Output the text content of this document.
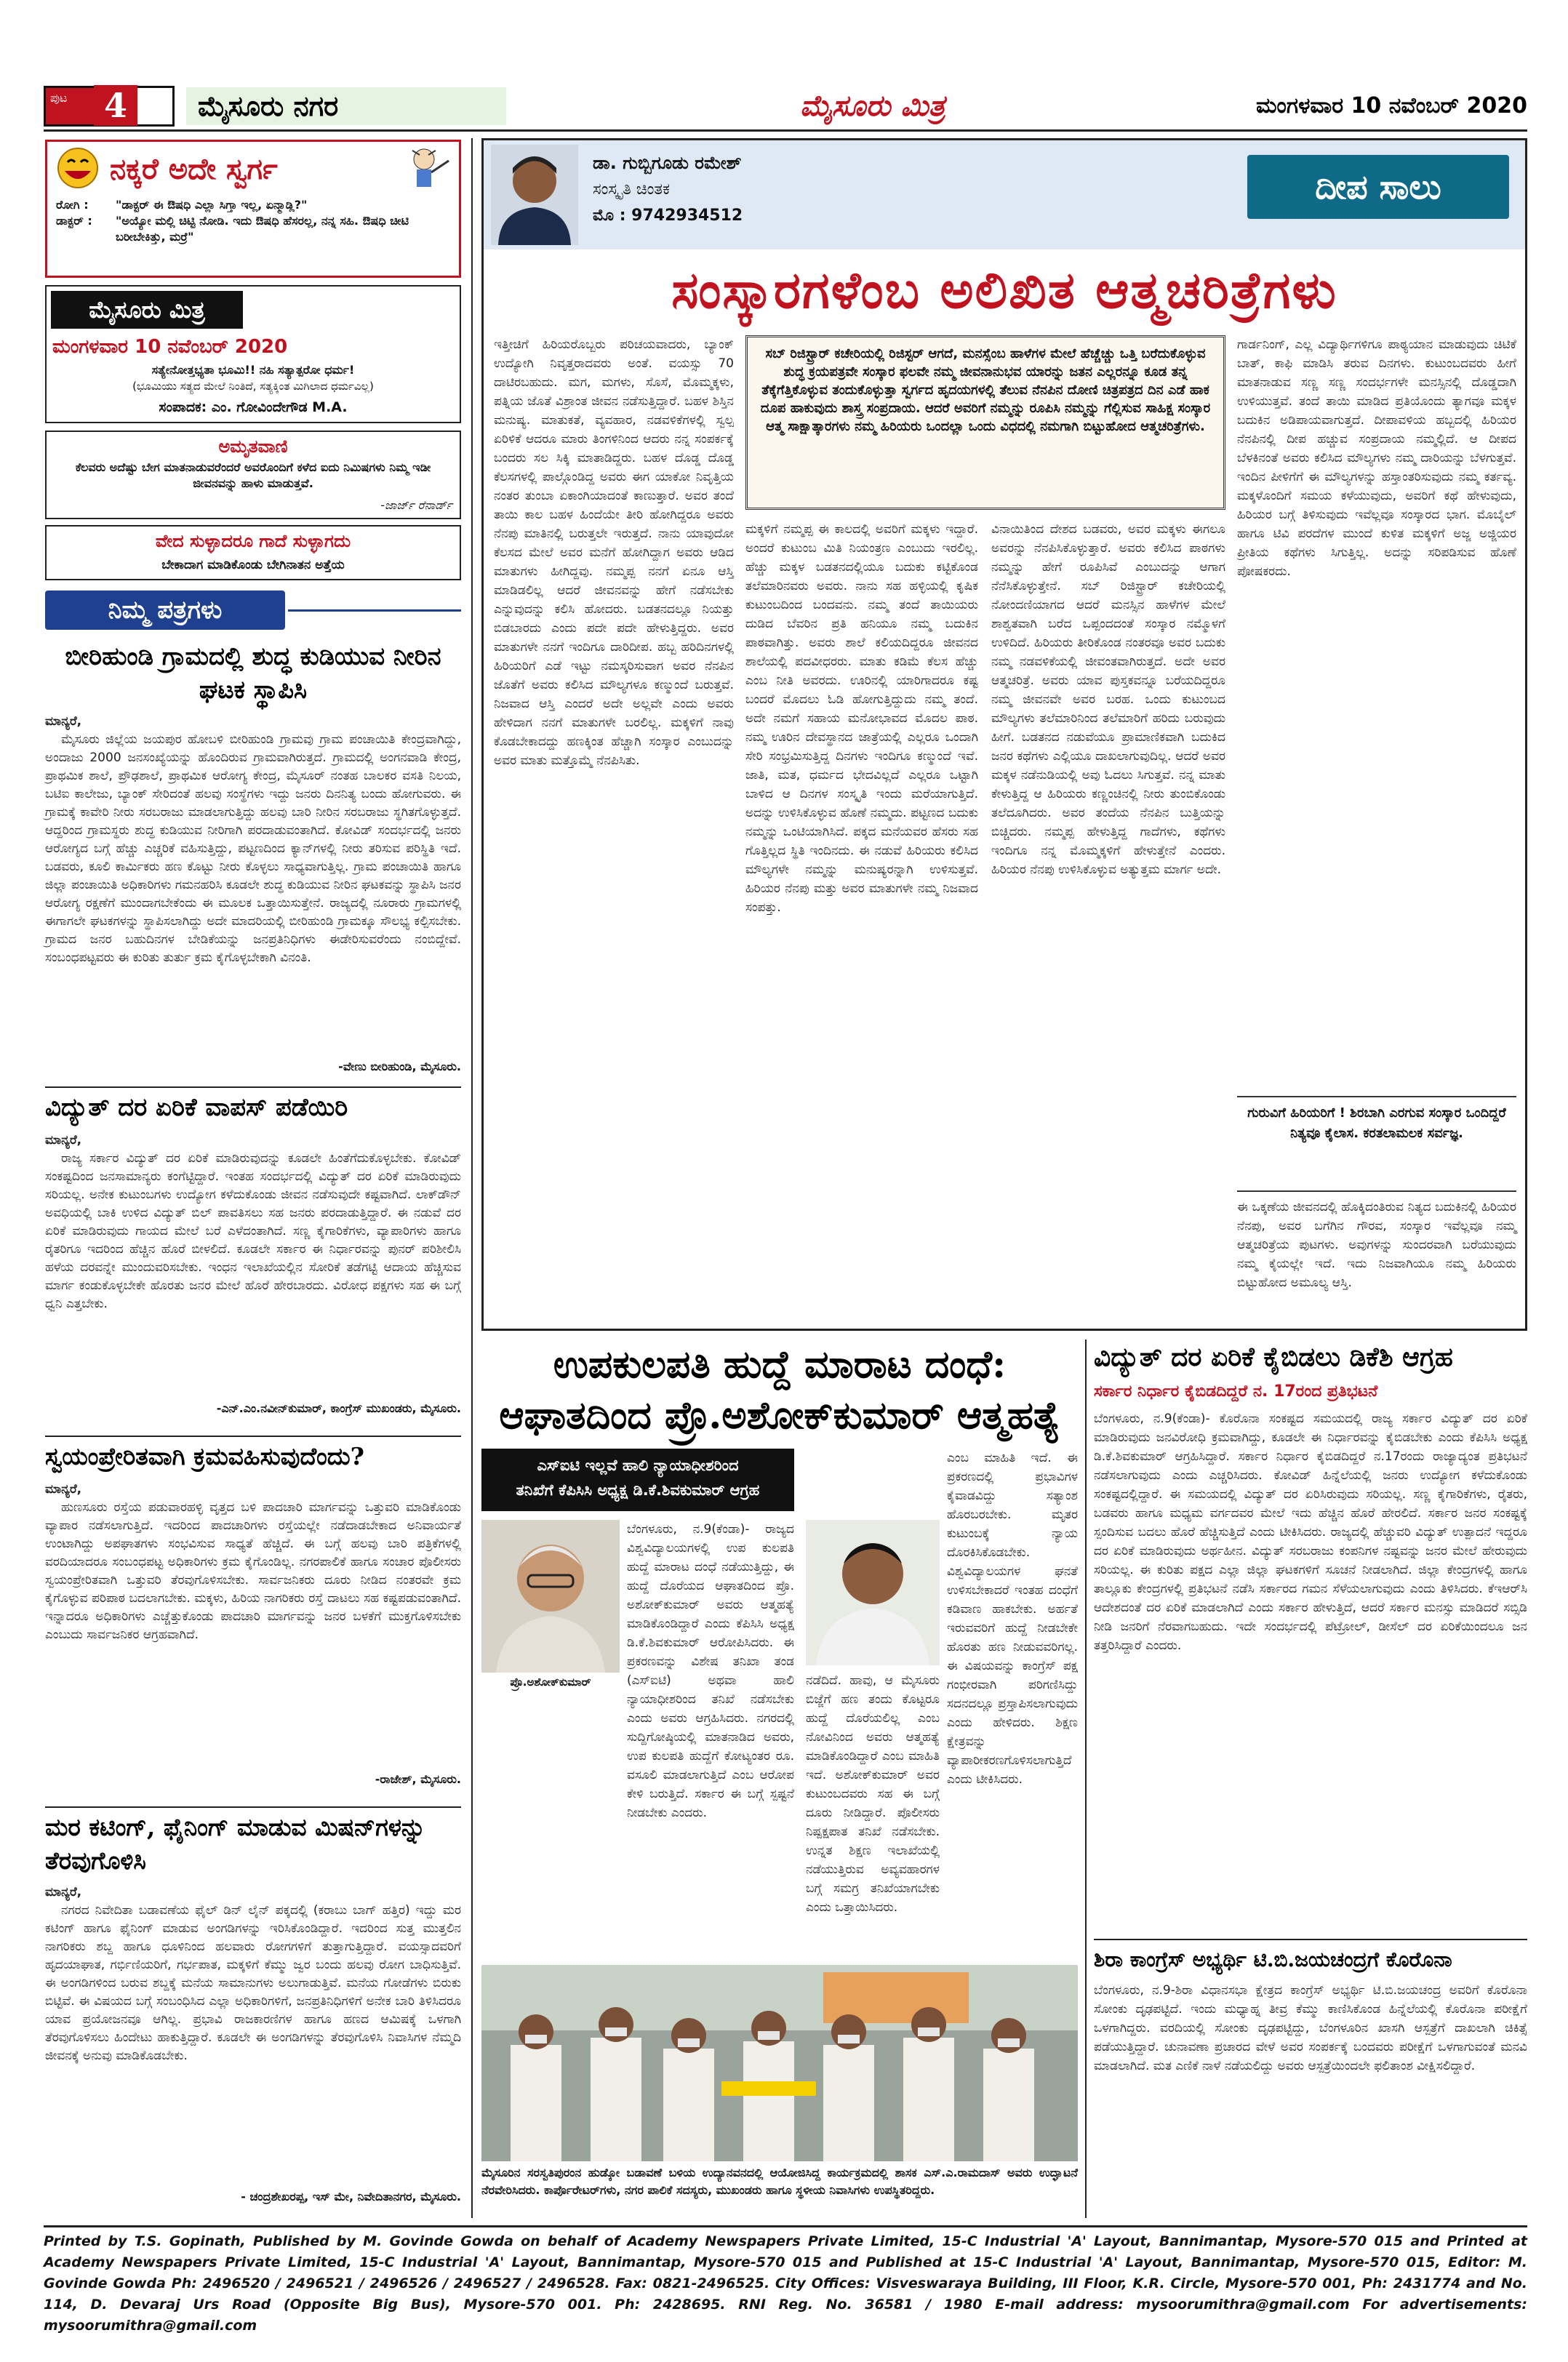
ಪುಟ	4	ಮೈಸೂರು ನಗರ	ಮೈಸೂರು ಮಿತ್ರ	ಮಂಗಳವಾರ 10 ನವೆಂಬರ್ 2020
ನಕ್ಕರೆ ಅದೇ ಸ್ವರ್ಗ
ರೋಗಿ :	"ಡಾಕ್ಟರ್ ಈ ಔಷಧಿ ಎಲ್ಲಾ ಸಿಗ್ತಾ ಇಲ್ಲ, ಏನ್ಮಾಡ್ಲಿ?"
ಡಾಕ್ಟರ್ :	"ಅಯ್ಯೋ ಮಲ್ಲಿ ಚಿಟ್ಟಿ ನೋಡಿ. ಇದು ಔಷಧಿ ಹೆಸರಲ್ಲ, ನನ್ನ ಸಹಿ. ಔಷಧಿ ಚೀಟಿ ಬರೀಬೇಕಿತ್ತು, ಮರ್ರೆ"
ಮೈಸೂರು ಮಿತ್ರ
ಮಂಗಳವಾರ 10 ನವೆಂಬರ್ 2020
ಸತ್ಯೇನೋತ್ತಭ್ಯತಾ ಭೂಮಿ!! ನಹಿ ಸತ್ಯಾತ್ಪರೋ ಧರ್ಮ!
(ಭೂಮಿಯು ಸತ್ಯದ ಮೇಲೆ ನಿಂತಿದೆ, ಸತ್ಯಕ್ಕಿಂತ ಮಿಗಿಲಾದ ಧರ್ಮವಿಲ್ಲ)
ಸಂಪಾದಕ: ಎಂ. ಗೋವಿಂದೇಗೌಡ M.A.
ಅಮೃತವಾಣಿ
ಕೆಲವರು ಅದೆಷ್ಟು ಬೇಗ ಮಾತನಾಡುವರೆಂದರೆ ಅವರೊಂದಿಗೆ ಕಳೆದ ಐದು ನಿಮಿಷಗಳು ನಿಮ್ಮ ಇಡೀ ಜೀವನವನ್ನು ಹಾಳು ಮಾಡುತ್ತವೆ.
-ಜಾರ್ಜ್ ರೆನಾರ್ಡ್
ವೇದ ಸುಳ್ಳಾದರೂ ಗಾದೆ ಸುಳ್ಳಾಗದು
ಬೇಕಾದಾಗ ಮಾಡಿಕೊಂಡು ಬೇಗಿನಾತನ ಅತ್ತೆಯ
ನಿಮ್ಮ ಪತ್ರಗಳು
ಬೀರಿಹುಂಡಿ ಗ್ರಾಮದಲ್ಲಿ ಶುದ್ಧ ಕುಡಿಯುವ ನೀರಿನ ಘಟಕ ಸ್ಥಾಪಿಸಿ
ಮಾನ್ಯರೆ,

ಮೈಸೂರು ಜಿಲ್ಲೆಯ ಜಯಪುರ ಹೋಬಳಿ ಬೀರಿಹುಂಡಿ ಗ್ರಾಮವು ಗ್ರಾಮ ಪಂಚಾಯಿತಿ ಕೇಂದ್ರವಾಗಿದ್ದು, ಅಂದಾಜು 2000 ಜನಸಂಖ್ಯೆಯನ್ನು ಹೊಂದಿರುವ ಗ್ರಾಮವಾಗಿರುತ್ತದೆ. ಗ್ರಾಮದಲ್ಲಿ ಅಂಗನವಾಡಿ ಕೇಂದ್ರ, ಪ್ರಾಥಮಿಕ ಶಾಲೆ, ಪ್ರೌಢಶಾಲೆ, ಪ್ರಾಥಮಿಕ ಆರೋಗ್ಯ ಕೇಂದ್ರ, ಮೈಸೂರ್ ನಂತಹ ಬಾಲಕರ ವಸತಿ ನಿಲಯ, ಬಟಿಐ ಕಾಲೇಜು, ಬ್ಯಾಂಕ್ ಸೇರಿದಂತೆ ಹಲವು ಸಂಸ್ಥೆಗಳು ಇದ್ದು ಜನರು ದಿನನಿತ್ಯ ಬಂದು ಹೋಗುವರು. ಈ ಗ್ರಾಮಕ್ಕೆ ಕಾವೇರಿ ನೀರು ಸರಬರಾಜು ಮಾಡಲಾಗುತ್ತಿದ್ದು ಹಲವು ಬಾರಿ ನೀರಿನ ಸರಬರಾಜು ಸ್ಥಗಿತಗೊಳ್ಳುತ್ತದೆ. ಆದ್ದರಿಂದ ಗ್ರಾಮಸ್ಥರು ಶುದ್ಧ ಕುಡಿಯುವ ನೀರಿಗಾಗಿ ಪರದಾಡುವಂತಾಗಿದೆ. ಕೋವಿಡ್ ಸಂದರ್ಭದಲ್ಲಿ ಜನರು ಆರೋಗ್ಯದ ಬಗ್ಗೆ ಹೆಚ್ಚು ಎಚ್ಚರಿಕೆ ವಹಿಸುತ್ತಿದ್ದು, ಪಟ್ಟಣದಿಂದ ಕ್ಯಾನ್‌ಗಳಲ್ಲಿ ನೀರು ತರಿಸುವ ಪರಿಸ್ಥಿತಿ ಇದೆ. ಬಡವರು, ಕೂಲಿ ಕಾರ್ಮಿಕರು ಹಣ ಕೊಟ್ಟು ನೀರು ಕೊಳ್ಳಲು ಸಾಧ್ಯವಾಗುತ್ತಿಲ್ಲ. ಗ್ರಾಮ ಪಂಚಾಯಿತಿ ಹಾಗೂ ಜಿಲ್ಲಾ ಪಂಚಾಯಿತಿ ಅಧಿಕಾರಿಗಳು ಗಮನಹರಿಸಿ ಕೂಡಲೇ ಶುದ್ಧ ಕುಡಿಯುವ ನೀರಿನ ಘಟಕವನ್ನು ಸ್ಥಾಪಿಸಿ ಜನರ ಆರೋಗ್ಯ ರಕ್ಷಣೆಗೆ ಮುಂದಾಗಬೇಕೆಂದು ಈ ಮೂಲಕ ಒತ್ತಾಯಿಸುತ್ತೇನೆ. ರಾಜ್ಯದಲ್ಲಿ ನೂರಾರು ಗ್ರಾಮಗಳಲ್ಲಿ ಈಗಾಗಲೇ ಘಟಕಗಳನ್ನು ಸ್ಥಾಪಿಸಲಾಗಿದ್ದು ಅದೇ ಮಾದರಿಯಲ್ಲಿ ಬೀರಿಹುಂಡಿ ಗ್ರಾಮಕ್ಕೂ ಸೌಲಭ್ಯ ಕಲ್ಪಿಸಬೇಕು. ಗ್ರಾಮದ ಜನರ ಬಹುದಿನಗಳ ಬೇಡಿಕೆಯನ್ನು ಜನಪ್ರತಿನಿಧಿಗಳು ಈಡೇರಿಸುವರೆಂದು ನಂಬಿದ್ದೇವೆ. ಸಂಬಂಧಪಟ್ಟವರು ಈ ಕುರಿತು ತುರ್ತು ಕ್ರಮ ಕೈಗೊಳ್ಳಬೇಕಾಗಿ ವಿನಂತಿ.

-ವೇಣು ಬೀರಿಹುಂಡಿ, ಮೈಸೂರು.
ವಿದ್ಯುತ್ ದರ ಏರಿಕೆ ವಾಪಸ್ ಪಡೆಯಿರಿ
ಮಾನ್ಯರೆ,

ರಾಜ್ಯ ಸರ್ಕಾರ ವಿದ್ಯುತ್ ದರ ಏರಿಕೆ ಮಾಡಿರುವುದನ್ನು ಕೂಡಲೇ ಹಿಂತೆಗೆದುಕೊಳ್ಳಬೇಕು. ಕೋವಿಡ್ ಸಂಕಷ್ಟದಿಂದ ಜನಸಾಮಾನ್ಯರು ಕಂಗೆಟ್ಟಿದ್ದಾರೆ. ಇಂತಹ ಸಂದರ್ಭದಲ್ಲಿ ವಿದ್ಯುತ್ ದರ ಏರಿಕೆ ಮಾಡಿರುವುದು ಸರಿಯಲ್ಲ. ಅನೇಕ ಕುಟುಂಬಗಳು ಉದ್ಯೋಗ ಕಳೆದುಕೊಂಡು ಜೀವನ ನಡೆಸುವುದೇ ಕಷ್ಟವಾಗಿದೆ. ಲಾಕ್‌ಡೌನ್ ಅವಧಿಯಲ್ಲಿ ಬಾಕಿ ಉಳಿದ ವಿದ್ಯುತ್ ಬಿಲ್ ಪಾವತಿಸಲು ಸಹ ಜನರು ಪರದಾಡುತ್ತಿದ್ದಾರೆ. ಈ ನಡುವೆ ದರ ಏರಿಕೆ ಮಾಡಿರುವುದು ಗಾಯದ ಮೇಲೆ ಬರೆ ಎಳೆದಂತಾಗಿದೆ. ಸಣ್ಣ ಕೈಗಾರಿಕೆಗಳು, ವ್ಯಾಪಾರಿಗಳು ಹಾಗೂ ರೈತರಿಗೂ ಇದರಿಂದ ಹೆಚ್ಚಿನ ಹೊರೆ ಬೀಳಲಿದೆ. ಕೂಡಲೇ ಸರ್ಕಾರ ಈ ನಿರ್ಧಾರವನ್ನು ಪುನರ್ ಪರಿಶೀಲಿಸಿ ಹಳೆಯ ದರವನ್ನೇ ಮುಂದುವರಿಸಬೇಕು. ಇಂಧನ ಇಲಾಖೆಯಲ್ಲಿನ ಸೋರಿಕೆ ತಡೆಗಟ್ಟಿ ಆದಾಯ ಹೆಚ್ಚಿಸುವ ಮಾರ್ಗ ಕಂಡುಕೊಳ್ಳಬೇಕೇ ಹೊರತು ಜನರ ಮೇಲೆ ಹೊರೆ ಹೇರಬಾರದು. ವಿರೋಧ ಪಕ್ಷಗಳು ಸಹ ಈ ಬಗ್ಗೆ ಧ್ವನಿ ಎತ್ತಬೇಕು.

-ಎನ್.ಎಂ.ನವೀನ್‌ಕುಮಾರ್, ಕಾಂಗ್ರೆಸ್ ಮುಖಂಡರು, ಮೈಸೂರು.
ಸ್ವಯಂಪ್ರೇರಿತವಾಗಿ ಕ್ರಮವಹಿಸುವುದೆಂದು?
ಮಾನ್ಯರೆ,

ಹುಣಸೂರು ರಸ್ತೆಯ ಪಡುವಾರಹಳ್ಳಿ ವೃತ್ತದ ಬಳಿ ಪಾದಚಾರಿ ಮಾರ್ಗವನ್ನು ಒತ್ತುವರಿ ಮಾಡಿಕೊಂಡು ವ್ಯಾಪಾರ ನಡೆಸಲಾಗುತ್ತಿದೆ. ಇದರಿಂದ ಪಾದಚಾರಿಗಳು ರಸ್ತೆಯಲ್ಲೇ ನಡೆದಾಡಬೇಕಾದ ಅನಿವಾರ್ಯತೆ ಉಂಟಾಗಿದ್ದು ಅಪಘಾತಗಳು ಸಂಭವಿಸುವ ಸಾಧ್ಯತೆ ಹೆಚ್ಚಿದೆ. ಈ ಬಗ್ಗೆ ಹಲವು ಬಾರಿ ಪತ್ರಿಕೆಗಳಲ್ಲಿ ವರದಿಯಾದರೂ ಸಂಬಂಧಪಟ್ಟ ಅಧಿಕಾರಿಗಳು ಕ್ರಮ ಕೈಗೊಂಡಿಲ್ಲ. ನಗರಪಾಲಿಕೆ ಹಾಗೂ ಸಂಚಾರ ಪೊಲೀಸರು ಸ್ವಯಂಪ್ರೇರಿತವಾಗಿ ಒತ್ತುವರಿ ತೆರವುಗೊಳಿಸಬೇಕು. ಸಾರ್ವಜನಿಕರು ದೂರು ನೀಡಿದ ನಂತರವೇ ಕ್ರಮ ಕೈಗೊಳ್ಳುವ ಪರಿಪಾಠ ಬದಲಾಗಬೇಕು. ಮಕ್ಕಳು, ಹಿರಿಯ ನಾಗರಿಕರು ರಸ್ತೆ ದಾಟಲು ಸಹ ಕಷ್ಟಪಡುವಂತಾಗಿದೆ. ಇನ್ನಾದರೂ ಅಧಿಕಾರಿಗಳು ಎಚ್ಚೆತ್ತುಕೊಂಡು ಪಾದಚಾರಿ ಮಾರ್ಗವನ್ನು ಜನರ ಬಳಕೆಗೆ ಮುಕ್ತಗೊಳಿಸಬೇಕು ಎಂಬುದು ಸಾರ್ವಜನಿಕರ ಆಗ್ರಹವಾಗಿದೆ.

-ರಾಜೇಶ್, ಮೈಸೂರು.
ಮರ ಕಟಿಂಗ್, ಫೈನಿಂಗ್ ಮಾಡುವ ಮಿಷನ್‌ಗಳನ್ನು ತೆರವುಗೊಳಿಸಿ
ಮಾನ್ಯರೆ,

ನಗರದ ನಿವೇದಿತಾ ಬಡಾವಣೆಯ ಫೈಲ್ ಡಿನ್ ಲೈನ್ ಪಕ್ಕದಲ್ಲಿ (ಕರಾಬು ಬಾಗ್ ಹತ್ತಿರ) ಇದ್ದು ಮರ ಕಟಿಂಗ್ ಹಾಗೂ ಫೈನಿಂಗ್ ಮಾಡುವ ಅಂಗಡಿಗಳನ್ನು ಇರಿಸಿಕೊಂಡಿದ್ದಾರೆ. ಇದರಿಂದ ಸುತ್ತ ಮುತ್ತಲಿನ ನಾಗರಿಕರು ಶಬ್ದ ಹಾಗೂ ಧೂಳಿನಿಂದ ಹಲವಾರು ರೋಗಗಳಿಗೆ ತುತ್ತಾಗುತ್ತಿದ್ದಾರೆ. ವಯಸ್ಸಾದವರಿಗೆ ಹೃದಯಾಘಾತ, ಗರ್ಭಿಣಿಯರಿಗೆ, ಗರ್ಭಪಾತ, ಮಕ್ಕಳಿಗೆ ಕೆಮ್ಮು ಜ್ವರ ಬಂದು ಹಲವು ರೋಗ ಬಾಧಿಸುತ್ತಿವೆ. ಈ ಅಂಗಡಿಗಳಿಂದ ಬರುವ ಶಬ್ದಕ್ಕೆ ಮನೆಯ ಸಾಮಾನುಗಳು ಅಲುಗಾಡುತ್ತಿವೆ. ಮನೆಯ ಗೋಡೆಗಳು ಬಿರುಕು ಬಿಟ್ಟಿವೆ. ಈ ವಿಷಯದ ಬಗ್ಗೆ ಸಂಬಂಧಿಸಿದ ಎಲ್ಲಾ ಅಧಿಕಾರಿಗಳಿಗೆ, ಜನಪ್ರತಿನಿಧಿಗಳಿಗೆ ಅನೇಕ ಬಾರಿ ತಿಳಿಸಿದರೂ ಯಾವ ಪ್ರಯೋಜನವೂ ಆಗಿಲ್ಲ. ಪ್ರಭಾವಿ ರಾಜಕಾರಣಿಗಳ ಹಾಗೂ ಹಣದ ಆಮಿಷಕ್ಕೆ ಒಳಗಾಗಿ ತೆರವುಗೊಳಿಸಲು ಹಿಂದೇಟು ಹಾಕುತ್ತಿದ್ದಾರೆ. ಕೂಡಲೇ ಈ ಅಂಗಡಿಗಳನ್ನು ತೆರವುಗೊಳಿಸಿ ನಿವಾಸಿಗಳ ನೆಮ್ಮದಿ ಜೀವನಕ್ಕೆ ಅನುವು ಮಾಡಿಕೊಡಬೇಕು.

- ಚಂದ್ರಶೇಖರಪ್ಪ, ಇಸ್ ಮೇ, ನಿವೇದಿತಾನಗರ, ಮೈಸೂರು.
ಡಾ. ಗುಬ್ಬಿಗೂಡು ರಮೇಶ್
ಸಂಸ್ಕೃತಿ ಚಿಂತಕ
ಮೊ : 9742934512
ದೀಪ ಸಾಲು
ಸಂಸ್ಕಾರಗಳೆಂಬ ಅಲಿಖಿತ ಆತ್ಮಚರಿತ್ರೆಗಳು
ಇತ್ತೀಚಿಗೆ ಹಿರಿಯರೊಬ್ಬರು ಪರಿಚಯವಾದರು, ಬ್ಯಾಂಕ್ ಉದ್ಯೋಗಿ ನಿವೃತ್ತರಾದವರು ಅಂತೆ. ವಯಸ್ಸು 70 ದಾಟಿರಬಹುದು. ಮಗ, ಮಗಳು, ಸೊಸೆ, ಮೊಮ್ಮಕ್ಕಳು, ಪತ್ನಿಯ ಜೊತೆ ವಿಶ್ರಾಂತ ಜೀವನ ನಡೆಸುತ್ತಿದ್ದಾರೆ. ಬಹಳ ಶಿಸ್ತಿನ ಮನುಷ್ಯ. ಮಾತುಕತೆ, ವ್ಯವಹಾರ, ನಡವಳಿಕೆಗಳಲ್ಲಿ ಸ್ವಲ್ಪ ಏರಿಳಿಕೆ ಆದರೂ ಮಾರು ತಿಂಗಳಿನಿಂದ ಆದರು ನನ್ನ ಸಂಪರ್ಕಕ್ಕೆ ಬಂದರು ಸಲ ಸಿಕ್ಕಿ ಮಾತಾಡಿದ್ದರು. ಬಹಳ ದೊಡ್ಡ ದೊಡ್ಡ ಕೆಲಸಗಳಲ್ಲಿ ಪಾಲ್ಗೊಂಡಿದ್ದ ಅವರು ಈಗ ಯಾಕೋ ನಿವೃತ್ತಿಯ ನಂತರ ತುಂಬಾ ಏಕಾಂಗಿಯಾದಂತೆ ಕಾಣುತ್ತಾರೆ. ಅವರ ತಂದೆ ತಾಯಿ ಕಾಲ ಬಹಳ ಹಿಂದೆಯೇ ತೀರಿ ಹೋಗಿದ್ದರೂ ಅವರು ನೆನಪು ಮಾತಿನಲ್ಲಿ ಬರುತ್ತಲೇ ಇರುತ್ತದೆ. ನಾನು ಯಾವುದೋ ಕೆಲಸದ ಮೇಲೆ ಅವರ ಮನೆಗೆ ಹೋಗಿದ್ದಾಗ ಅವರು ಆಡಿದ ಮಾತುಗಳು ಹೀಗಿದ್ದವು. ನಮ್ಮಪ್ಪ ನನಗೆ ಏನೂ ಆಸ್ತಿ ಮಾಡಿಡಲಿಲ್ಲ ಆದರೆ ಜೀವನವನ್ನು ಹೇಗೆ ನಡೆಸಬೇಕು ಎನ್ನುವುದನ್ನು ಕಲಿಸಿ ಹೋದರು. ಬಡತನದಲ್ಲೂ ನಿಯತ್ತು ಬಿಡಬಾರದು ಎಂದು ಪದೇ ಪದೇ ಹೇಳುತ್ತಿದ್ದರು. ಅವರ ಮಾತುಗಳೇ ನನಗೆ ಇಂದಿಗೂ ದಾರಿದೀಪ. ಹಬ್ಬ ಹರಿದಿನಗಳಲ್ಲಿ ಹಿರಿಯರಿಗೆ ಎಡೆ ಇಟ್ಟು ನಮಸ್ಕರಿಸುವಾಗ ಅವರ ನೆನಪಿನ ಜೊತೆಗೆ ಅವರು ಕಲಿಸಿದ ಮೌಲ್ಯಗಳೂ ಕಣ್ಮುಂದೆ ಬರುತ್ತವೆ. ನಿಜವಾದ ಆಸ್ತಿ ಎಂದರೆ ಅದೇ ಅಲ್ಲವೇ ಎಂದು ಅವರು ಹೇಳಿದಾಗ ನನಗೆ ಮಾತುಗಳೇ ಬರಲಿಲ್ಲ. ಮಕ್ಕಳಿಗೆ ನಾವು ಕೊಡಬೇಕಾದದ್ದು ಹಣಕ್ಕಿಂತ ಹೆಚ್ಚಾಗಿ ಸಂಸ್ಕಾರ ಎಂಬುದನ್ನು ಅವರ ಮಾತು ಮತ್ತೊಮ್ಮೆ ನೆನಪಿಸಿತು.
ಸಬ್ ರಿಜಿಸ್ಟ್ರಾರ್ ಕಚೇರಿಯಲ್ಲಿ ರಿಜಿಸ್ಟರ್ ಆಗದೆ, ಮನಸ್ಸೆಂಬ ಹಾಳೆಗಳ ಮೇಲೆ ಹೆಚ್ಚೆಚ್ಚು ಒತ್ತಿ ಬರೆದುಕೊಳ್ಳುವ ಶುದ್ಧ ಕ್ರಯಪತ್ರವೇ ಸಂಸ್ಕಾರ ಫಲವೇ ನಮ್ಮ ಜೀವನಾನುಭವ ಯಾರನ್ನು ಜತನ ಎಲ್ಲರನ್ನೂ ಕೂಡ ತನ್ನ ತೆಕ್ಕೆಗೆತ್ತಿಕೊಳ್ಳುವ ತಂದುಕೊಳ್ಳುತ್ತಾ ಸ್ವರ್ಗದ ಹೃದಯಗಳಲ್ಲಿ ತೆಲುವ ನೆನಪಿನ ದೋಣಿ ಚಿತ್ರಪತ್ರದ ದಿನ ಎಡೆ ಹಾಕ ದೂಪ ಹಾಕುವುದು ಶಾಸ್ತ್ರ ಸಂಪ್ರದಾಯ. ಆದರೆ ಅವರಿಗೆ ನಮ್ಮನ್ನು ರೂಪಿಸಿ ನಮ್ಮನ್ನು ಗೆಲ್ಲಿಸುವ ಸಾಹಿಕ್ಷ ಸಂಸ್ಕಾರ ಆತ್ಮ ಸಾಕ್ಷಾತ್ಕಾರಗಳು ನಮ್ಮ ಹಿರಿಯರು ಒಂದಲ್ಲಾ ಒಂದು ವಿಧದಲ್ಲಿ ನಮಗಾಗಿ ಬಿಟ್ಟುಹೋದ ಆತ್ಮಚರಿತ್ರೆಗಳು.
ಮಕ್ಕಳಿಗೆ ನಮ್ಮಪ್ಪ ಈ ಕಾಲದಲ್ಲಿ ಅವರಿಗೆ ಮಕ್ಕಳು ಇದ್ದಾರೆ. ಅಂದರೆ ಕುಟುಂಬ ಮಿತಿ ನಿಯಂತ್ರಣ ಎಂಬುದು ಇರಲಿಲ್ಲ. ಹೆಚ್ಚು ಮಕ್ಕಳ ಬಡತನದಲ್ಲಿಯೂ ಬದುಕು ಕಟ್ಟಿಕೊಂಡ ತಲೆಮಾರಿನವರು ಅವರು. ನಾನು ಸಹ ಹಳ್ಳಿಯಲ್ಲಿ ಕೃಷಿಕ ಕುಟುಂಬದಿಂದ ಬಂದವನು. ನಮ್ಮ ತಂದೆ ತಾಯಿಯರು ದುಡಿದ ಬೆವರಿನ ಪ್ರತಿ ಹನಿಯೂ ನಮ್ಮ ಬದುಕಿನ ಪಾಠವಾಗಿತ್ತು. ಅವರು ಶಾಲೆ ಕಲಿಯದಿದ್ದರೂ ಜೀವನದ ಶಾಲೆಯಲ್ಲಿ ಪದವೀಧರರು. ಮಾತು ಕಡಿಮೆ ಕೆಲಸ ಹೆಚ್ಚು ಎಂಬ ನೀತಿ ಅವರದು. ಊರಿನಲ್ಲಿ ಯಾರಿಗಾದರೂ ಕಷ್ಟ ಬಂದರೆ ಮೊದಲು ಓಡಿ ಹೋಗುತ್ತಿದ್ದುದು ನಮ್ಮ ತಂದೆ. ಅದೇ ನಮಗೆ ಸಹಾಯ ಮನೋಭಾವದ ಮೊದಲ ಪಾಠ. ನಮ್ಮ ಊರಿನ ದೇವಸ್ಥಾನದ ಜಾತ್ರೆಯಲ್ಲಿ ಎಲ್ಲರೂ ಒಂದಾಗಿ ಸೇರಿ ಸಂಭ್ರಮಿಸುತ್ತಿದ್ದ ದಿನಗಳು ಇಂದಿಗೂ ಕಣ್ಮುಂದೆ ಇವೆ. ಜಾತಿ, ಮತ, ಧರ್ಮದ ಭೇದವಿಲ್ಲದೆ ಎಲ್ಲರೂ ಒಟ್ಟಾಗಿ ಬಾಳಿದ ಆ ದಿನಗಳ ಸಂಸ್ಕೃತಿ ಇಂದು ಮರೆಯಾಗುತ್ತಿದೆ. ಅದನ್ನು ಉಳಿಸಿಕೊಳ್ಳುವ ಹೊಣೆ ನಮ್ಮದು. ಪಟ್ಟಣದ ಬದುಕು ನಮ್ಮನ್ನು ಒಂಟಿಯಾಗಿಸಿದೆ. ಪಕ್ಕದ ಮನೆಯವರ ಹೆಸರು ಸಹ ಗೊತ್ತಿಲ್ಲದ ಸ್ಥಿತಿ ಇಂದಿನದು. ಈ ನಡುವೆ ಹಿರಿಯರು ಕಲಿಸಿದ ಮೌಲ್ಯಗಳೇ ನಮ್ಮನ್ನು ಮನುಷ್ಯರನ್ನಾಗಿ ಉಳಿಸುತ್ತವೆ. ಹಿರಿಯರ ನೆನಪು ಮತ್ತು ಅವರ ಮಾತುಗಳೇ ನಮ್ಮ ನಿಜವಾದ ಸಂಪತ್ತು.
ವಿನಾಯಿತಿಂದ ದೇಶದ ಬಡವರು, ಅವರ ಮಕ್ಕಳು ಈಗಲೂ ಅವರನ್ನು ನೆನಪಿಸಿಕೊಳ್ಳುತ್ತಾರೆ. ಅವರು ಕಲಿಸಿದ ಪಾಠಗಳು ನಮ್ಮನ್ನು ಹೇಗೆ ರೂಪಿಸಿವೆ ಎಂಬುದನ್ನು ಆಗಾಗ ನೆನೆಸಿಕೊಳ್ಳುತ್ತೇನೆ. ಸಬ್ ರಿಜಿಸ್ಟ್ರಾರ್ ಕಚೇರಿಯಲ್ಲಿ ನೋಂದಣಿಯಾಗದ ಆದರೆ ಮನಸ್ಸಿನ ಹಾಳೆಗಳ ಮೇಲೆ ಶಾಶ್ವತವಾಗಿ ಬರೆದ ಒಪ್ಪಂದದಂತೆ ಸಂಸ್ಕಾರ ನಮ್ಮೊಳಗೆ ಉಳಿದಿದೆ. ಹಿರಿಯರು ತೀರಿಕೊಂಡ ನಂತರವೂ ಅವರ ಬದುಕು ನಮ್ಮ ನಡವಳಿಕೆಯಲ್ಲಿ ಜೀವಂತವಾಗಿರುತ್ತದೆ. ಅದೇ ಅವರ ಆತ್ಮಚರಿತ್ರೆ. ಅವರು ಯಾವ ಪುಸ್ತಕವನ್ನೂ ಬರೆಯದಿದ್ದರೂ ನಮ್ಮ ಜೀವನವೇ ಅವರ ಬರಹ. ಒಂದು ಕುಟುಂಬದ ಮೌಲ್ಯಗಳು ತಲೆಮಾರಿನಿಂದ ತಲೆಮಾರಿಗೆ ಹರಿದು ಬರುವುದು ಹೀಗೆ. ಬಡತನದ ನಡುವೆಯೂ ಪ್ರಾಮಾಣಿಕವಾಗಿ ಬದುಕಿದ ಜನರ ಕಥೆಗಳು ಎಲ್ಲಿಯೂ ದಾಖಲಾಗುವುದಿಲ್ಲ. ಆದರೆ ಅವರ ಮಕ್ಕಳ ನಡೆನುಡಿಯಲ್ಲಿ ಅವು ಓದಲು ಸಿಗುತ್ತವೆ. ನನ್ನ ಮಾತು ಕೇಳುತ್ತಿದ್ದ ಆ ಹಿರಿಯರು ಕಣ್ಣಂಚಿನಲ್ಲಿ ನೀರು ತುಂಬಿಕೊಂಡು ತಲೆದೂಗಿದರು. ಅವರ ತಂದೆಯ ನೆನಪಿನ ಬುತ್ತಿಯನ್ನು ಬಿಚ್ಚಿದರು. ನಮ್ಮಪ್ಪ ಹೇಳುತ್ತಿದ್ದ ಗಾದೆಗಳು, ಕಥೆಗಳು ಇಂದಿಗೂ ನನ್ನ ಮೊಮ್ಮಕ್ಕಳಿಗೆ ಹೇಳುತ್ತೇನೆ ಎಂದರು. ಹಿರಿಯರ ನೆನಪು ಉಳಿಸಿಕೊಳ್ಳುವ ಅತ್ಯುತ್ತಮ ಮಾರ್ಗ ಅದೇ.
ಗಾರ್ಡನಿಂಗ್, ಎಲ್ಲ ವಿದ್ಯಾರ್ಥಿಗಳಿಗೂ ಪಾಠ್ಯಯಾನ ಮಾಡುವುದು ಚಿಟಿಕೆ ಬಾತ್, ಕಾಫಿ ಮಾಡಿಸಿ ತರುವ ದಿನಗಳು. ಕುಟುಂಬದವರು ಹೀಗೆ ಮಾತನಾಡುವ ಸಣ್ಣ ಸಣ್ಣ ಸಂದರ್ಭಗಳೇ ಮನಸ್ಸಿನಲ್ಲಿ ದೊಡ್ಡದಾಗಿ ಉಳಿಯುತ್ತವೆ. ತಂದೆ ತಾಯಿ ಮಾಡಿದ ಪ್ರತಿಯೊಂದು ತ್ಯಾಗವೂ ಮಕ್ಕಳ ಬದುಕಿನ ಅಡಿಪಾಯವಾಗುತ್ತದೆ. ದೀಪಾವಳಿಯ ಹಬ್ಬದಲ್ಲಿ ಹಿರಿಯರ ನೆನಪಿನಲ್ಲಿ ದೀಪ ಹಚ್ಚುವ ಸಂಪ್ರದಾಯ ನಮ್ಮಲ್ಲಿದೆ. ಆ ದೀಪದ ಬೆಳಕಿನಂತೆ ಅವರು ಕಲಿಸಿದ ಮೌಲ್ಯಗಳು ನಮ್ಮ ದಾರಿಯನ್ನು ಬೆಳಗುತ್ತವೆ. ಇಂದಿನ ಪೀಳಿಗೆಗೆ ಈ ಮೌಲ್ಯಗಳನ್ನು ಹಸ್ತಾಂತರಿಸುವುದು ನಮ್ಮ ಕರ್ತವ್ಯ. ಮಕ್ಕಳೊಂದಿಗೆ ಸಮಯ ಕಳೆಯುವುದು, ಅವರಿಗೆ ಕಥೆ ಹೇಳುವುದು, ಹಿರಿಯರ ಬಗ್ಗೆ ತಿಳಿಸುವುದು ಇವೆಲ್ಲವೂ ಸಂಸ್ಕಾರದ ಭಾಗ. ಮೊಬೈಲ್ ಹಾಗೂ ಟಿವಿ ಪರದೆಗಳ ಮುಂದೆ ಕುಳಿತ ಮಕ್ಕಳಿಗೆ ಅಜ್ಜ ಅಜ್ಜಿಯರ ಪ್ರೀತಿಯ ಕಥೆಗಳು ಸಿಗುತ್ತಿಲ್ಲ. ಅದನ್ನು ಸರಿಪಡಿಸುವ ಹೊಣೆ ಪೋಷಕರದು.
ಗುರುವಿಗೆ ಹಿರಿಯರಿಗೆ ! ಶಿರಬಾಗಿ ಎರಗುವ ಸಂಸ್ಕಾರ ಒಂದಿದ್ದರೆ ನಿತ್ಯವೂ ಕೈಲಾಸ. ಕರತಲಾಮಲಕ ಸರ್ವಜ್ಞ.
ಈ ಒಕ್ಕಣೆಯ ಜೀವನದಲ್ಲಿ ಹೊಕ್ಕಿದಂತಿರುವ ನಿತ್ಯದ ಬದುಕಿನಲ್ಲಿ ಹಿರಿಯರ ನೆನಪು, ಅವರ ಬಗೆಗಿನ ಗೌರವ, ಸಂಸ್ಕಾರ ಇವೆಲ್ಲವೂ ನಮ್ಮ ಆತ್ಮಚರಿತ್ರೆಯ ಪುಟಗಳು. ಅವುಗಳನ್ನು ಸುಂದರವಾಗಿ ಬರೆಯುವುದು ನಮ್ಮ ಕೈಯಲ್ಲೇ ಇದೆ. ಇದು ನಿಜವಾಗಿಯೂ ನಮ್ಮ ಹಿರಿಯರು ಬಿಟ್ಟುಹೋದ ಅಮೂಲ್ಯ ಆಸ್ತಿ.
ಉಪಕುಲಪತಿ ಹುದ್ದೆ ಮಾರಾಟ ದಂಧೆ:
ಆಘಾತದಿಂದ ಪ್ರೊ.ಅಶೋಕ್‌ಕುಮಾರ್ ಆತ್ಮಹತ್ಯೆ
ಎಸ್‌ಐಟಿ ಇಲ್ಲವೆ ಹಾಲಿ ನ್ಯಾಯಾಧೀಶರಿಂದ
ತನಿಖೆಗೆ ಕೆಪಿಸಿಸಿ ಅಧ್ಯಕ್ಷ ಡಿ.ಕೆ.ಶಿವಕುಮಾರ್ ಆಗ್ರಹ
ಪ್ರೊ.ಅಶೋಕ್‌ಕುಮಾರ್
ಬೆಂಗಳೂರು, ನ.9(ಕೆಂಡಾ)- ರಾಜ್ಯದ ವಿಶ್ವವಿದ್ಯಾಲಯಗಳಲ್ಲಿ ಉಪ ಕುಲಪತಿ ಹುದ್ದೆ ಮಾರಾಟ ದಂಧೆ ನಡೆಯುತ್ತಿದ್ದು, ಈ ಹುದ್ದೆ ದೊರೆಯದ ಆಘಾತದಿಂದ ಪ್ರೊ. ಅಶೋಕ್‌ಕುಮಾರ್ ಅವರು ಆತ್ಮಹತ್ಯೆ ಮಾಡಿಕೊಂಡಿದ್ದಾರೆ ಎಂದು ಕೆಪಿಸಿಸಿ ಅಧ್ಯಕ್ಷ ಡಿ.ಕೆ.ಶಿವಕುಮಾರ್ ಆರೋಪಿಸಿದರು. ಈ ಪ್ರಕರಣವನ್ನು ವಿಶೇಷ ತನಿಖಾ ತಂಡ (ಎಸ್‌ಐಟಿ) ಅಥವಾ ಹಾಲಿ ನ್ಯಾಯಾಧೀಶರಿಂದ ತನಿಖೆ ನಡೆಸಬೇಕು ಎಂದು ಅವರು ಆಗ್ರಹಿಸಿದರು. ನಗರದಲ್ಲಿ ಸುದ್ದಿಗೋಷ್ಠಿಯಲ್ಲಿ ಮಾತನಾಡಿದ ಅವರು, ಉಪ ಕುಲಪತಿ ಹುದ್ದೆಗೆ ಕೋಟ್ಯಂತರ ರೂ. ವಸೂಲಿ ಮಾಡಲಾಗುತ್ತಿದೆ ಎಂಬ ಆರೋಪ ಕೇಳಿ ಬರುತ್ತಿದೆ. ಸರ್ಕಾರ ಈ ಬಗ್ಗೆ ಸ್ಪಷ್ಟನೆ ನೀಡಬೇಕು ಎಂದರು.
ನಡೆದಿದೆ. ಹಾವು, ಆ ಮೈಸೂರು ಬಿಜ್ಜೆಗೆ ಹಣ ತಂದು ಕೊಟ್ಟರೂ ಹುದ್ದೆ ದೊರೆಯಲಿಲ್ಲ ಎಂಬ ನೋವಿನಿಂದ ಅವರು ಆತ್ಮಹತ್ಯೆ ಮಾಡಿಕೊಂಡಿದ್ದಾರೆ ಎಂಬ ಮಾಹಿತಿ ಇದೆ. ಅಶೋಕ್‌ಕುಮಾರ್ ಅವರ ಕುಟುಂಬದವರು ಸಹ ಈ ಬಗ್ಗೆ ದೂರು ನೀಡಿದ್ದಾರೆ. ಪೊಲೀಸರು ನಿಷ್ಪಕ್ಷಪಾತ ತನಿಖೆ ನಡೆಸಬೇಕು. ಉನ್ನತ ಶಿಕ್ಷಣ ಇಲಾಖೆಯಲ್ಲಿ ನಡೆಯುತ್ತಿರುವ ಅವ್ಯವಹಾರಗಳ ಬಗ್ಗೆ ಸಮಗ್ರ ತನಿಖೆಯಾಗಬೇಕು ಎಂದು ಒತ್ತಾಯಿಸಿದರು.
ಎಂಬ ಮಾಹಿತಿ ಇದೆ. ಈ ಪ್ರಕರಣದಲ್ಲಿ ಪ್ರಭಾವಿಗಳ ಕೈವಾಡವಿದ್ದು ಸತ್ಯಾಂಶ ಹೊರಬರಬೇಕು. ಮೃತರ ಕುಟುಂಬಕ್ಕೆ ನ್ಯಾಯ ದೊರಕಿಸಿಕೊಡಬೇಕು. ವಿಶ್ವವಿದ್ಯಾಲಯಗಳ ಘನತೆ ಉಳಿಸಬೇಕಾದರೆ ಇಂತಹ ದಂಧೆಗೆ ಕಡಿವಾಣ ಹಾಕಬೇಕು. ಅರ್ಹತೆ ಇರುವವರಿಗೆ ಹುದ್ದೆ ನೀಡಬೇಕೇ ಹೊರತು ಹಣ ನೀಡುವವರಿಗಲ್ಲ. ಈ ವಿಷಯವನ್ನು ಕಾಂಗ್ರೆಸ್ ಪಕ್ಷ ಗಂಭೀರವಾಗಿ ಪರಿಗಣಿಸಿದ್ದು ಸದನದಲ್ಲೂ ಪ್ರಸ್ತಾಪಿಸಲಾಗುವುದು ಎಂದು ಹೇಳಿದರು. ಶಿಕ್ಷಣ ಕ್ಷೇತ್ರವನ್ನು ವ್ಯಾಪಾರೀಕರಣಗೊಳಿಸಲಾಗುತ್ತಿದೆ ಎಂದು ಟೀಕಿಸಿದರು.
ಮೈಸೂರಿನ ಸರಸ್ವತಿಪುರಂನ ಹುಡ್ಕೋ ಬಡಾವಣೆ ಬಳಿಯ ಉದ್ಯಾನವನದಲ್ಲಿ ಆಯೋಜಿಸಿದ್ದ ಕಾರ್ಯಕ್ರಮದಲ್ಲಿ ಶಾಸಕ ಎಸ್.ಎ.ರಾಮದಾಸ್ ಅವರು ಉದ್ಘಾಟನೆ ನೆರವೇರಿಸಿದರು. ಕಾರ್ಪೊರೇಟರ್‌ಗಳು, ನಗರ ಪಾಲಿಕೆ ಸದಸ್ಯರು, ಮುಖಂಡರು ಹಾಗೂ ಸ್ಥಳೀಯ ನಿವಾಸಿಗಳು ಉಪಸ್ಥಿತರಿದ್ದರು.
ವಿದ್ಯುತ್ ದರ ಏರಿಕೆ ಕೈಬಿಡಲು ಡಿಕೆಶಿ ಆಗ್ರಹ
ಸರ್ಕಾರ ನಿರ್ಧಾರ ಕೈಬಿಡದಿದ್ದರೆ ನ. 17ರಂದ ಪ್ರತಿಭಟನೆ
ಬೆಂಗಳೂರು, ನ.9(ಕೆಂಡಾ)- ಕೊರೊನಾ ಸಂಕಷ್ಟದ ಸಮಯದಲ್ಲಿ ರಾಜ್ಯ ಸರ್ಕಾರ ವಿದ್ಯುತ್ ದರ ಏರಿಕೆ ಮಾಡಿರುವುದು ಜನವಿರೋಧಿ ಕ್ರಮವಾಗಿದ್ದು, ಕೂಡಲೇ ಈ ನಿರ್ಧಾರವನ್ನು ಕೈಬಿಡಬೇಕು ಎಂದು ಕೆಪಿಸಿಸಿ ಅಧ್ಯಕ್ಷ ಡಿ.ಕೆ.ಶಿವಕುಮಾರ್ ಆಗ್ರಹಿಸಿದ್ದಾರೆ. ಸರ್ಕಾರ ನಿರ್ಧಾರ ಕೈಬಿಡದಿದ್ದರೆ ನ.17ರಂದು ರಾಜ್ಯಾದ್ಯಂತ ಪ್ರತಿಭಟನೆ ನಡೆಸಲಾಗುವುದು ಎಂದು ಎಚ್ಚರಿಸಿದರು. ಕೋವಿಡ್ ಹಿನ್ನೆಲೆಯಲ್ಲಿ ಜನರು ಉದ್ಯೋಗ ಕಳೆದುಕೊಂಡು ಸಂಕಷ್ಟದಲ್ಲಿದ್ದಾರೆ. ಈ ಸಮಯದಲ್ಲಿ ವಿದ್ಯುತ್ ದರ ಏರಿಸಿರುವುದು ಸರಿಯಲ್ಲ. ಸಣ್ಣ ಕೈಗಾರಿಕೆಗಳು, ರೈತರು, ಬಡವರು ಹಾಗೂ ಮಧ್ಯಮ ವರ್ಗದವರ ಮೇಲೆ ಇದು ಹೆಚ್ಚಿನ ಹೊರೆ ಹೇರಲಿದೆ. ಸರ್ಕಾರ ಜನರ ಸಂಕಷ್ಟಕ್ಕೆ ಸ್ಪಂದಿಸುವ ಬದಲು ಹೊರೆ ಹೆಚ್ಚಿಸುತ್ತಿದೆ ಎಂದು ಟೀಕಿಸಿದರು. ರಾಜ್ಯದಲ್ಲಿ ಹೆಚ್ಚುವರಿ ವಿದ್ಯುತ್ ಉತ್ಪಾದನೆ ಇದ್ದರೂ ದರ ಏರಿಕೆ ಮಾಡಿರುವುದು ಅರ್ಥಹೀನ. ವಿದ್ಯುತ್ ಸರಬರಾಜು ಕಂಪನಿಗಳ ನಷ್ಟವನ್ನು ಜನರ ಮೇಲೆ ಹೇರುವುದು ಸರಿಯಲ್ಲ. ಈ ಕುರಿತು ಪಕ್ಷದ ಎಲ್ಲಾ ಜಿಲ್ಲಾ ಘಟಕಗಳಿಗೆ ಸೂಚನೆ ನೀಡಲಾಗಿದೆ. ಜಿಲ್ಲಾ ಕೇಂದ್ರಗಳಲ್ಲಿ ಹಾಗೂ ತಾಲ್ಲೂಕು ಕೇಂದ್ರಗಳಲ್ಲಿ ಪ್ರತಿಭಟನೆ ನಡೆಸಿ ಸರ್ಕಾರದ ಗಮನ ಸೆಳೆಯಲಾಗುವುದು ಎಂದು ತಿಳಿಸಿದರು. ಕೆಇಆರ್‌ಸಿ ಆದೇಶದಂತೆ ದರ ಏರಿಕೆ ಮಾಡಲಾಗಿದೆ ಎಂದು ಸರ್ಕಾರ ಹೇಳುತ್ತಿದೆ, ಆದರೆ ಸರ್ಕಾರ ಮನಸ್ಸು ಮಾಡಿದರೆ ಸಬ್ಸಿಡಿ ನೀಡಿ ಜನರಿಗೆ ನೆರವಾಗಬಹುದು. ಇದೇ ಸಂದರ್ಭದಲ್ಲಿ ಪೆಟ್ರೋಲ್, ಡೀಸೆಲ್ ದರ ಏರಿಕೆಯಿಂದಲೂ ಜನ ತತ್ತರಿಸಿದ್ದಾರೆ ಎಂದರು.
ಶಿರಾ ಕಾಂಗ್ರೆಸ್ ಅಭ್ಯರ್ಥಿ ಟಿ.ಬಿ.ಜಯಚಂದ್ರಗೆ ಕೊರೊನಾ
ಬೆಂಗಳೂರು, ನ.9-ಶಿರಾ ವಿಧಾನಸಭಾ ಕ್ಷೇತ್ರದ ಕಾಂಗ್ರೆಸ್ ಅಭ್ಯರ್ಥಿ ಟಿ.ಬಿ.ಜಯಚಂದ್ರ ಅವರಿಗೆ ಕೊರೊನಾ ಸೋಂಕು ದೃಢಪಟ್ಟಿದೆ. ಇಂದು ಮಧ್ಯಾಹ್ನ ತೀವ್ರ ಕೆಮ್ಮು ಕಾಣಿಸಿಕೊಂಡ ಹಿನ್ನೆಲೆಯಲ್ಲಿ ಕೊರೊನಾ ಪರೀಕ್ಷೆಗೆ ಒಳಗಾಗಿದ್ದರು. ವರದಿಯಲ್ಲಿ ಸೋಂಕು ದೃಢಪಟ್ಟಿದ್ದು, ಬೆಂಗಳೂರಿನ ಖಾಸಗಿ ಆಸ್ಪತ್ರೆಗೆ ದಾಖಲಾಗಿ ಚಿಕಿತ್ಸೆ ಪಡೆಯುತ್ತಿದ್ದಾರೆ. ಚುನಾವಣಾ ಪ್ರಚಾರದ ವೇಳೆ ಅವರ ಸಂಪರ್ಕಕ್ಕೆ ಬಂದವರು ಪರೀಕ್ಷೆಗೆ ಒಳಗಾಗುವಂತೆ ಮನವಿ ಮಾಡಲಾಗಿದೆ. ಮತ ಎಣಿಕೆ ನಾಳೆ ನಡೆಯಲಿದ್ದು ಅವರು ಆಸ್ಪತ್ರೆಯಿಂದಲೇ ಫಲಿತಾಂಶ ವೀಕ್ಷಿಸಲಿದ್ದಾರೆ.
Printed by T.S. Gopinath, Published by M. Govinde Gowda on behalf of Academy Newspapers Private Limited, 15-C Industrial 'A' Layout, Bannimantap, Mysore-570 015 and Printed at Academy Newspapers Private Limited, 15-C Industrial 'A' Layout, Bannimantap, Mysore-570 015 and Published at 15-C Industrial 'A' Layout, Bannimantap, Mysore-570 015, Editor: M. Govinde Gowda Ph: 2496520 / 2496521 / 2496526 / 2496527 / 2496528. Fax: 0821-2496525. City Offices: Visveswaraya Building, III Floor, K.R. Circle, Mysore-570 001, Ph: 2431774 and No. 114, D. Devaraj Urs Road (Opposite Big Bus), Mysore-570 001. Ph: 2428695. RNI Reg. No. 36581 / 1980 E-mail address: mysoorumithra@gmail.com For advertisements: mysoorumithra@gmail.com
